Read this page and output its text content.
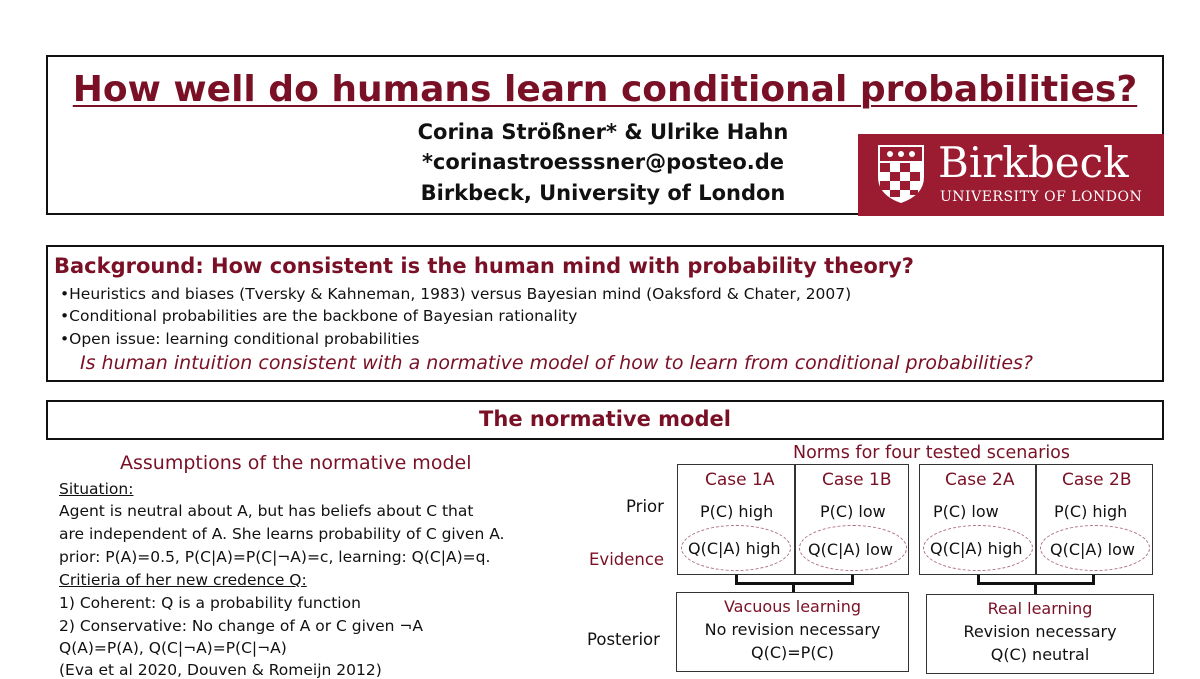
How well do humans learn conditional probabilities?
Corina Strößner* & Ulrike Hahn
*corinastroesssner@posteo.de
Birkbeck, University of London
Birkbeck
UNIVERSITY OF LONDON
Background: How consistent is the human mind with probability theory?
•Heuristics and biases (Tversky & Kahneman, 1983) versus Bayesian mind (Oaksford & Chater, 2007)
•Conditional probabilities are the backbone of Bayesian rationality
•Open issue: learning conditional probabilities
Is human intuition consistent with a normative model of how to learn from conditional probabilities?
The normative model
Assumptions of the normative model
Situation:
Agent is neutral about A, but has beliefs about C that
are independent of A. She learns probability of C given A.
prior: P(A)=0.5, P(C|A)=P(C|¬A)=c, learning: Q(C|A)=q.
Critieria of her new credence Q:
1) Coherent: Q is a probability function
2) Conservative: No change of A or C given ¬A
Q(A)=P(A), Q(C|¬A)=P(C|¬A)
(Eva et al 2020, Douven & Romeijn 2012)
Norms for four tested scenarios
Prior
Evidence
Posterior
Case 1A
P(C) high
Q(C|A) high
Case 1B
P(C) low
Q(C|A) low
Case 2A
P(C) low
Q(C|A) high
Case 2B
P(C) high
Q(C|A) low
Vacuous learning
No revision necessary
Q(C)=P(C)
Real learning
Revision necessary
Q(C) neutral
